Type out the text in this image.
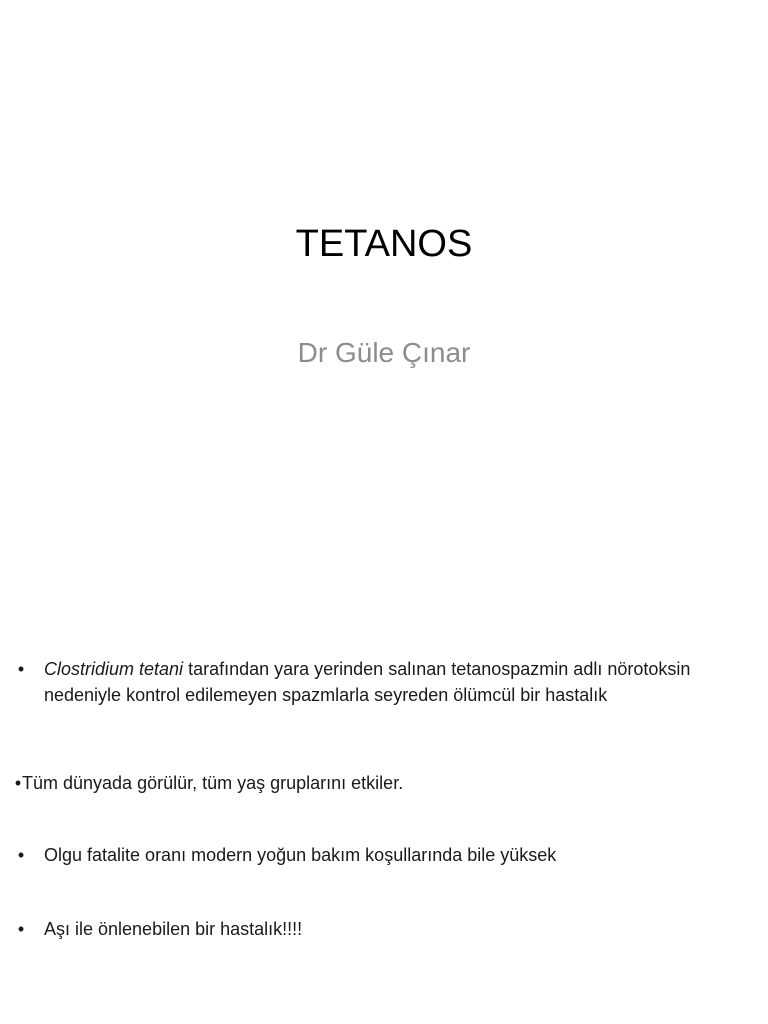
TETANOS
Dr Güle Çınar
• Clostridium tetani tarafından yara yerinden salınan tetanospazmin adlı nörotoksin nedeniyle kontrol edilemeyen spazmlarla seyreden ölümcül bir hastalık
• Tüm dünyada görülür, tüm yaş gruplarını etkiler.
• Olgu fatalite oranı modern yoğun bakım koşullarında bile yüksek
• Aşı ile önlenebilen bir hastalık!!!!
